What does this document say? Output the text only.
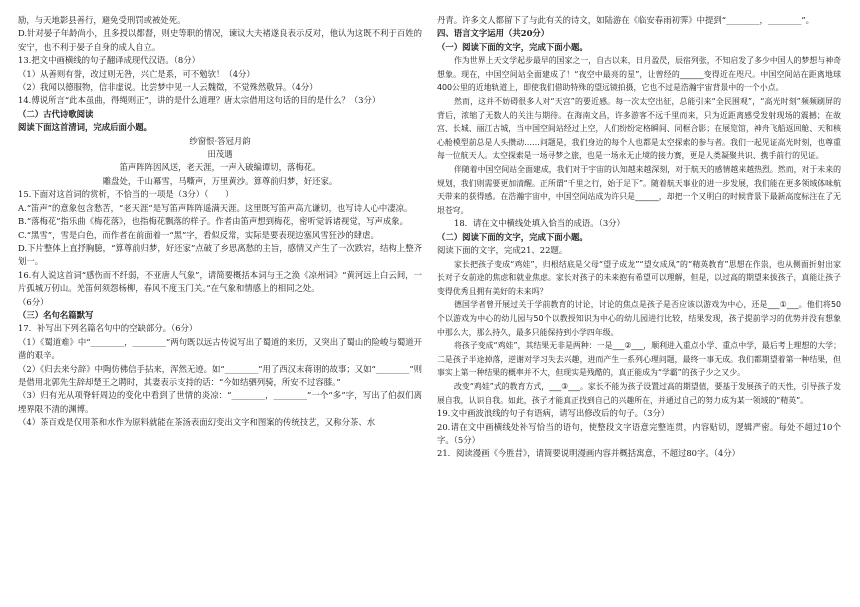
励，与天地影县善行，避免受刑罚或被处死。

D.针对晏子年龄尚小，且多授以都督，则史等职的情况，谏议大夫褚遂良表示反对，他认为这既不利于百姓的安宁，也不利于晏子自身的成人自立。

13.把文中画横线的句子翻译成现代汉语。（8分）

（1）从善则有誉，改过则无咎，兴亡是系，可不勉欤！（4分）

（2）我闻以德服物，信非虚说。比尝梦中见一人云魏徵，不觉殊然敬异。（4分）

14.傅说所言“此本虽曲，得绳则正”，讲的是什么道理？唐太宗借用这句话的目的是什么？（3分）

（二）古代诗歌阅读

阅读下面这首清词，完成后面小题。

纱窗恨·答冠月韵

田茂遇

笛声阵阵因风送，老天涯，一声入破编谭切，落梅花。

雕盘处，千山冪雪，马嘶声，万里黄沙。算尊前归梦，好还家。

15.下面对这首词的赏析，不恰当的一项是（3分）（　　）

A.“笛声”的意象包含愁苦，“老天涯”是写笛声阵阵遥满天涯。这里既写笛声高亢谦切，也写诗人心中凄凉。

B.“落梅花”指乐曲《梅花落》，也指梅花飘落的样子。作者由笛声想到梅花，密听觉诉诸视觉，写声成象。

C.“黑雪”，雪是白色，而作者在前面着一“黑”字，看似反常，实际是要表现边塞风雪狂沙的肆虐。

D.下片整体上直抒胸臆，“算尊前归梦，好还家”点破了乡思离愁的主旨，感情又产生了一次跌宕，结构上整齐划一。

16.有人说这首词“感伤而不纤弱，不亚唐人气象”，请简要概括本词与王之涣《凉州词》“黄河远上白云间，一片孤城万仞山。羌笛何须怨杨柳，春风不度玉门关。”在气象和情感上的相同之处。

（6分）

（三）名句名篇默写

17．补写出下列名篇名句中的空缺部分。（6分）

（1）《蜀道难》中“________，________”两句既以远古传说写出了蜀道的来历，又突出了蜀山的险峻与蜀道开凿的艰辛。

（2）《归去来兮辞》中陶仿佛信手拈来，浑然无迹。如“________”用了西汉末蒋诩的故事；又如“________”则是借用北郭先生辞却楚王之聘时，其妻表示支持的话：“今如结驷列骑，所安不过容膝。”

（3）归有光从项脊轩周边的变化中看到了世情的炎凉：“________，________”一个“多”字，写出了伯叔们离堙界限不清的渊博。

（4）茶百戏是仅用茶和水作为原料就能在茶汤表面幻变出文字和图案的传统技艺，又称分茶、水

丹青。许多文人都留下了与此有关的诗文，如陆游在《临安春雨初霁》中提到“________，________”。

四、语言文字运用（共20分）

（一）阅读下面的文字，完成下面小题。

作为世界上天文学起步最早的国家之一，自古以来，日月盈昃，辰宿列张，不知启发了多少中国人的梦想与神奇想象。现在，中国空间站全面建成了！“夜空中最亮的星”，让曾经的______变得近在咫尺。中国空间站在距离地球400公里的近地轨道上，即使我们借助特殊的望远镜拍摄，它也不过是浩瀚宇宙背景中的一个小点。

然而，这并不妨碍很多人对“天宫”的要近感。每一次太空出征，总能引来“全民围观”，“高光时刻”频频刷屏的背后，浓缩了无数人的关注与期待。在海南文昌，许多游客不远千里而来，只为近距离感受发射现场的震撼；在故宫、长城、丽江古城，当中国空间站经过上空，人们纷纷定格瞬间、同框合影；在展览馆，神舟飞船返回舱、天和核心舱模型前总是人头攒动……问题是，我们身边的每个人也都是太空探索的参与者。我们一起见证高光时刻，也尊重每一位航天人。太空探索是一场寻梦之旅，也是一场永无止境的接力赛，更是人类凝聚共识、携手前行的见证。

伴随着中国空间站全面建成，我们对于宇宙的认知越来越深刻，对于航天的感情越来越热烈。然而，对于未来的规划，我们则需要更加清醒。正所谓“千里之行，始于足下”。随着航天事业的进一步发展，我们能在更多领域体味航天带来的获得感。在浩瀚宇宙中，中国空间站成为许只是______，却把一个又明白的时候背景下最新高度标注在了无垠苍穹。

18．请在文中横线处填入恰当的成语。（3分）

（二）阅读下面的文字，完成下面小题。

阅读下面的文字，完成21、22题。

家长把孩子变成“鸡娃”，归根结底是父母“望子成龙”“望女成凤”的“精英教育”思想在作祟，也从侧面折射出家长对子女前途的焦虑和就业焦虑。家长对孩子的未来抱有希望可以理解，但是，以过高的期望来拔孩子，真能让孩子变得优秀且拥有美好的未来吗？

德国学者曾开展过关于学前教育的讨论，讨论的焦点是孩子是否应该以游戏为中心，还是___①___。他们将50个以游戏为中心的幼儿园与50个以教授知识为中心的幼儿园进行比较，结果发现，孩子提前学习的优势并没有想象中那么大，那么持久，最多只能保持到小学四年级。

将孩子变成“鸡娃”，其结果无非是两种：一是___②___，顺利进入重点小学、重点中学，最后考上理想的大学；二是孩子半途掉落，逆谢对学习失去兴趣，进而产生一系列心理问题，最终一事无成。我们都期望着第一种结果，但事实上第一种结果的概率并不大，但现实是残酷的，真正能成为“学霸”的孩子少之又少。

改变“鸡娃”式的教育方式，___③___。家长不能为孩子设置过高的期望值，要基于发展孩子的天性，引导孩子发展自我，认识自我。如此，孩子才能真正找到自己的兴趣所在，并通过自己的努力成为某一领域的“精英”。

19.文中画波浪线的句子有语病，请写出修改后的句子。（3分）

20.请在文中画横线处补写恰当的语句，使整段文字语意完整连贯，内容贴切，逻辑严密。每处不超过10个字。（5分）

21．阅读漫画《今胜昔》，请简要说明漫画内容并概括寓意，不超过80字。（4分）
